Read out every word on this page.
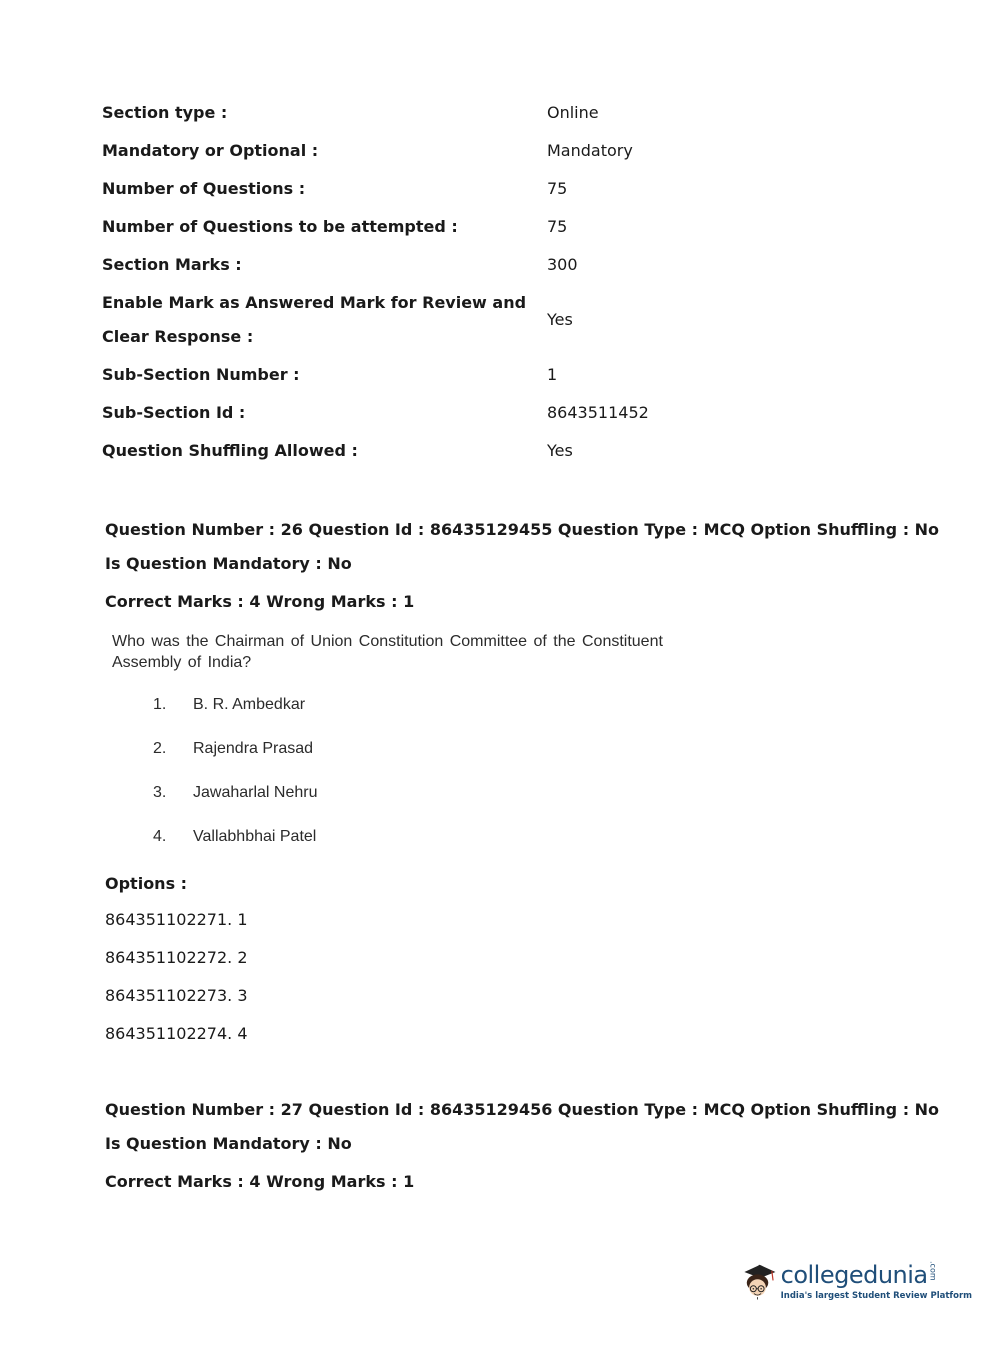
Section type :	Online
Mandatory or Optional :	Mandatory
Number of Questions :	75
Number of Questions to be attempted :	75
Section Marks :	300
Enable Mark as Answered Mark for Review and Clear Response :
Yes
Sub-Section Number :	1
Sub-Section Id :	8643511452
Question Shuffling Allowed :	Yes
Question Number : 26 Question Id : 86435129455 Question Type : MCQ Option Shuffling : No
Is Question Mandatory : No
Correct Marks : 4 Wrong Marks : 1
Who was the Chairman of Union Constitution Committee of the Constituent
Assembly of India?
1.	B. R. Ambedkar
2.	Rajendra Prasad
3.	Jawaharlal Nehru
4.	Vallabhbhai Patel
Options :
864351102271. 1
864351102272. 2
864351102273. 3
864351102274. 4
Question Number : 27 Question Id : 86435129456 Question Type : MCQ Option Shuffling : No
Is Question Mandatory : No
Correct Marks : 4 Wrong Marks : 1
collegedunia.com
India's largest Student Review Platform
